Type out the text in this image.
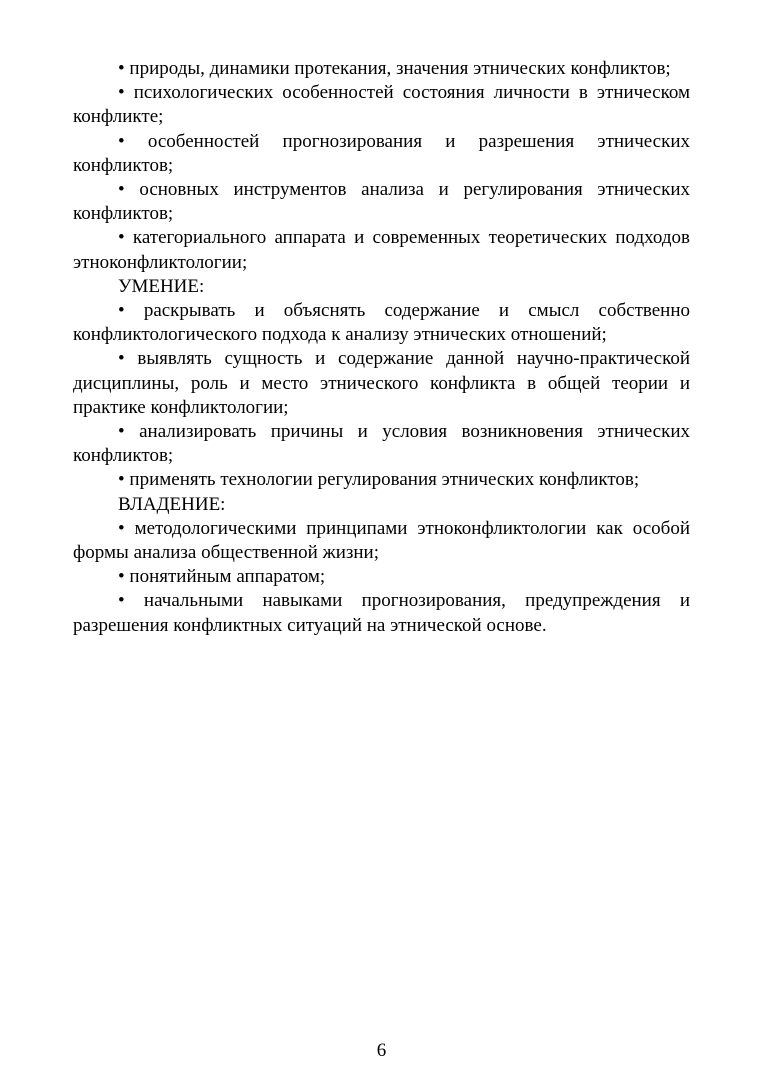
• природы, динамики протекания, значения этнических конфликтов;

• психологических особенностей состояния личности в этническом конфликте;

• особенностей прогнозирования и разрешения этнических конфликтов;

• основных инструментов анализа и регулирования этнических конфликтов;

• категориального аппарата и современных теоретических подходов этноконфликтологии;

УМЕНИЕ:

• раскрывать и объяснять содержание и смысл собственно конфликтологического подхода к анализу этнических отношений;

• выявлять сущность и содержание данной научно-практической дисциплины, роль и место этнического конфликта в общей теории и практике конфликтологии;

• анализировать причины и условия возникновения этнических конфликтов;

• применять технологии регулирования этнических конфликтов;

ВЛАДЕНИЕ:

• методологическими принципами этноконфликтологии как особой формы анализа общественной жизни;

• понятийным аппаратом;

• начальными навыками прогнозирования, предупреждения и разрешения конфликтных ситуаций на этнической основе.

6
